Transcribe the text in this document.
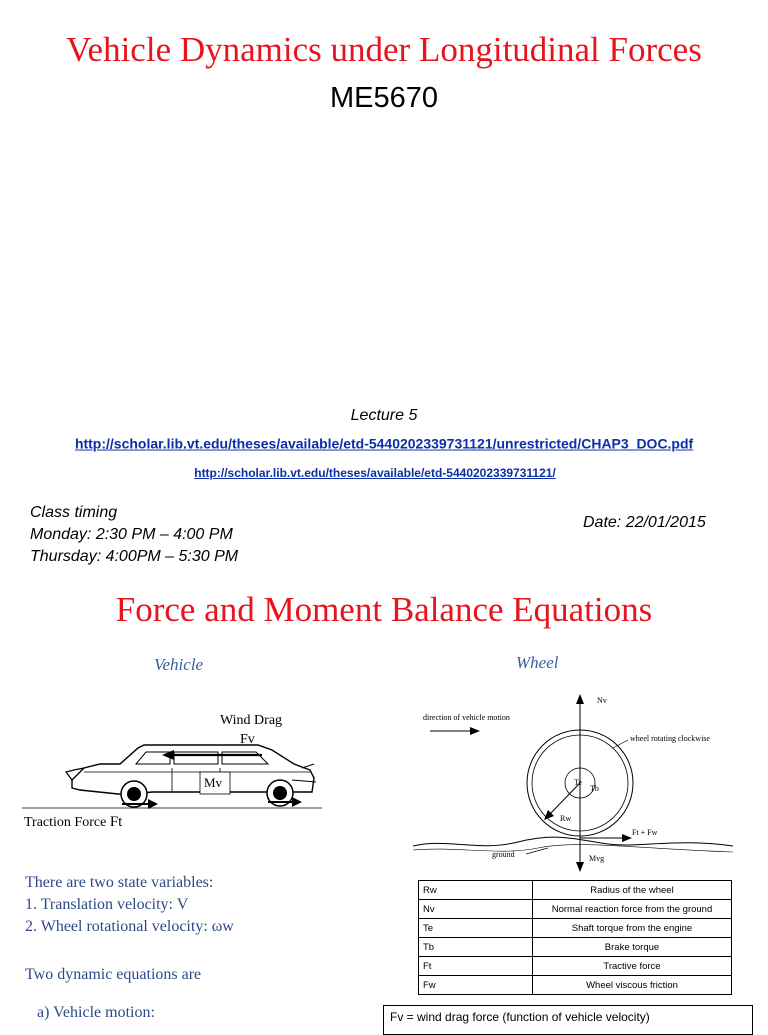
Vehicle Dynamics under Longitudinal Forces
ME5670
Lecture 5
http://scholar.lib.vt.edu/theses/available/etd-5440202339731121/unrestricted/CHAP3_DOC.pdf
http://scholar.lib.vt.edu/theses/available/etd-5440202339731121/
Class timing
Monday: 2:30 PM – 4:00 PM
Thursday: 4:00PM – 5:30 PM
Date: 22/01/2015
Force and Moment Balance Equations
Vehicle	Wheel
Wind Drag
Fv
Mv
Traction Force Ft
direction of vehicle motion
wheel rotating clockwise
Nv
Te
Tb
Rw
Ft + Fw
ground	Mvg
There are two state variables:
1. Translation velocity: V
2. Wheel rotational velocity: ωw
Two dynamic equations are
a) Vehicle motion:
Rw	Radius of the wheel
Nv	Normal reaction force from the ground
Te	Shaft torque from the engine
Tb	Brake torque
Ft	Tractive force
Fw	Wheel viscous friction
Fv = wind drag force (function of vehicle velocity)
